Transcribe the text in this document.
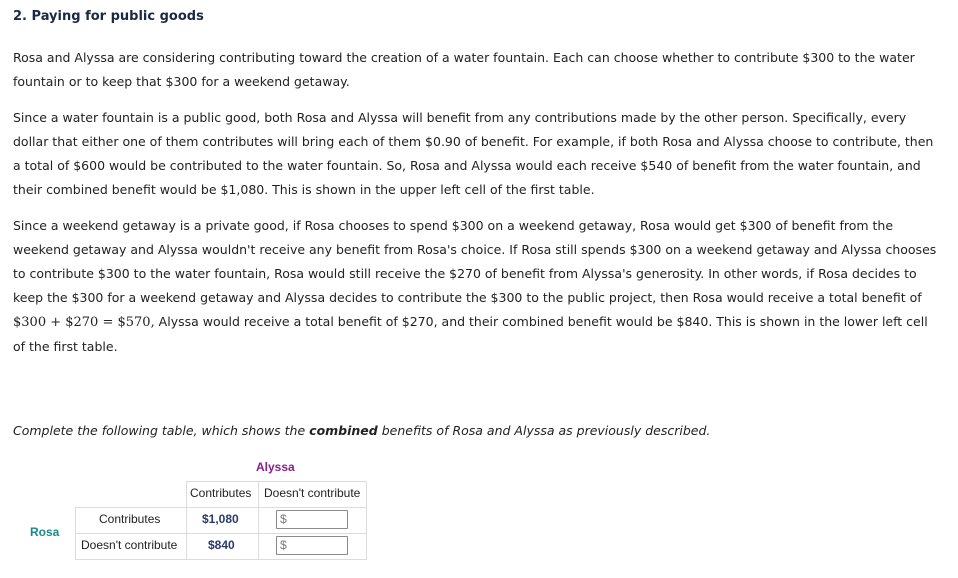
2. Paying for public goods
Rosa and Alyssa are considering contributing toward the creation of a water fountain. Each can choose whether to contribute $300 to the water fountain or to keep that $300 for a weekend getaway.
Since a water fountain is a public good, both Rosa and Alyssa will benefit from any contributions made by the other person. Specifically, every dollar that either one of them contributes will bring each of them $0.90 of benefit. For example, if both Rosa and Alyssa choose to contribute, then a total of $600 would be contributed to the water fountain. So, Rosa and Alyssa would each receive $540 of benefit from the water fountain, and their combined benefit would be $1,080. This is shown in the upper left cell of the first table.
Since a weekend getaway is a private good, if Rosa chooses to spend $300 on a weekend getaway, Rosa would get $300 of benefit from the weekend getaway and Alyssa wouldn't receive any benefit from Rosa's choice. If Rosa still spends $300 on a weekend getaway and Alyssa chooses to contribute $300 to the water fountain, Rosa would still receive the $270 of benefit from Alyssa's generosity. In other words, if Rosa decides to keep the $300 for a weekend getaway and Alyssa decides to contribute the $300 to the public project, then Rosa would receive a total benefit of $300 + $270 = $570, Alyssa would receive a total benefit of $270, and their combined benefit would be $840. This is shown in the lower left cell of the first table.
Complete the following table, which shows the combined benefits of Rosa and Alyssa as previously described.
Alyssa
Rosa
Contributes Doesn't contribute
Contributes
Doesn't contribute
$1,080
$840
$
$
